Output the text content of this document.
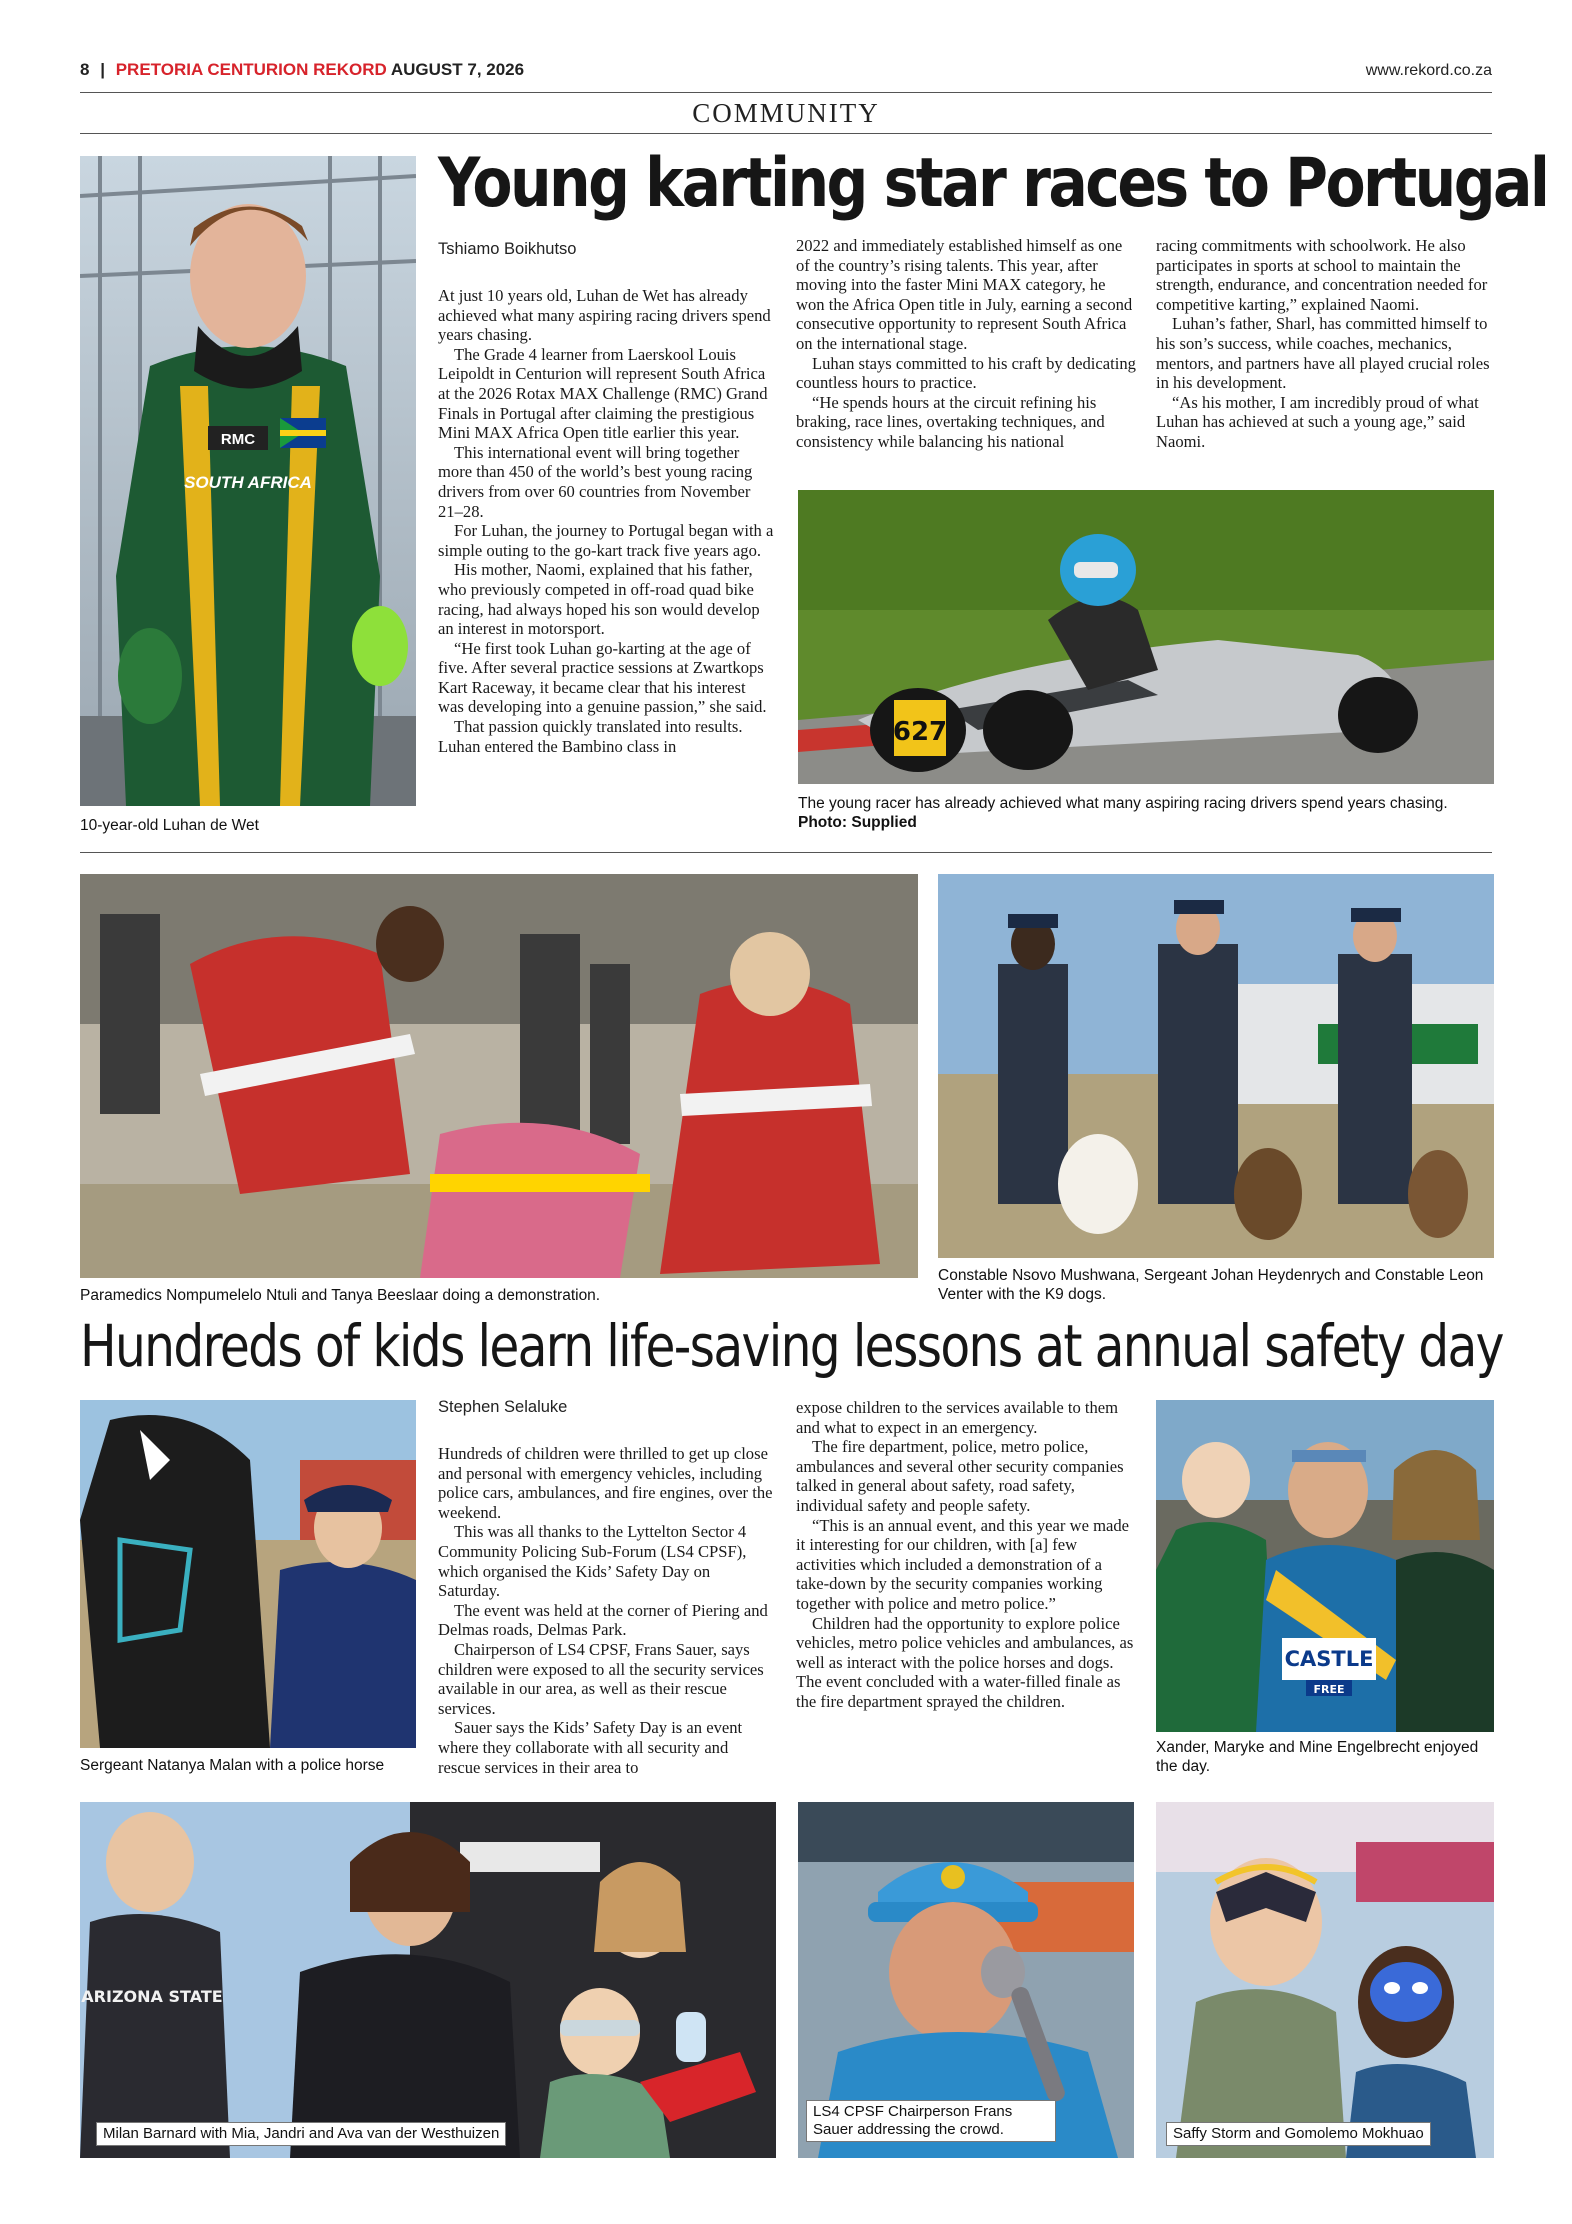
8 | PRETORIA CENTURION REKORD AUGUST 7, 2026	www.rekord.co.za
COMMUNITY
RMC
SOUTH AFRICA
10-year-old Luhan de Wet
Young karting star races to Portugal
Tshiamo Boikhutso

At just 10 years old, Luhan de Wet has already achieved what many aspiring racing drivers spend years chasing.

The Grade 4 learner from Laerskool Louis Leipoldt in Centurion will represent South Africa at the 2026 Rotax MAX Challenge (RMC) Grand Finals in Portugal after claiming the prestigious Mini MAX Africa Open title earlier this year.

This international event will bring together more than 450 of the world’s best young racing drivers from over 60 countries from November 21–28.

For Luhan, the journey to Portugal began with a simple outing to the go-kart track five years ago.

His mother, Naomi, explained that his father, who previously competed in off-road quad bike racing, had always hoped his son would develop an interest in motorsport.

“He first took Luhan go-karting at the age of five. After several practice sessions at Zwartkops Kart Raceway, it became clear that his interest was developing into a genuine passion,” she said.

That passion quickly translated into results. Luhan entered the Bambino class in

2022 and immediately established himself as one of the country’s rising talents. This year, after moving into the faster Mini MAX category, he won the Africa Open title in July, earning a second consecutive opportunity to represent South Africa on the international stage.

Luhan stays committed to his craft by dedicating countless hours to practice.

“He spends hours at the circuit refining his braking, race lines, overtaking techniques, and consistency while balancing his national

racing commitments with schoolwork. He also participates in sports at school to maintain the strength, endurance, and concentration needed for competitive karting,” explained Naomi.

Luhan’s father, Sharl, has committed himself to his son’s success, while coaches, mechanics, mentors, and partners have all played crucial roles in his development.

“As his mother, I am incredibly proud of what Luhan has achieved at such a young age,” said Naomi.

627
The young racer has already achieved what many aspiring racing drivers spend years chasing. Photo: Supplied
Paramedics Nompumelelo Ntuli and Tanya Beeslaar doing a demonstration.
Constable Nsovo Mushwana, Sergeant Johan Heydenrych and Constable Leon Venter with the K9 dogs.
Hundreds of kids learn life-saving lessons at annual safety day
Sergeant Natanya Malan with a police horse
Stephen Selaluke

Hundreds of children were thrilled to get up close and personal with emergency vehicles, including police cars, ambulances, and fire engines, over the weekend.

This was all thanks to the Lyttelton Sector 4 Community Policing Sub-Forum (LS4 CPSF), which organised the Kids’ Safety Day on Saturday.

The event was held at the corner of Piering and Delmas roads, Delmas Park.

Chairperson of LS4 CPSF, Frans Sauer, says children were exposed to all the security services available in our area, as well as their rescue services.

Sauer says the Kids’ Safety Day is an event where they collaborate with all security and rescue services in their area to

expose children to the services available to them and what to expect in an emergency.

The fire department, police, metro police, ambulances and several other security companies talked in general about safety, road safety, individual safety and people safety.

“This is an annual event, and this year we made it interesting for our children, with [a] few activities which included a demonstration of a take-down by the security companies working together with police and metro police.”

Children had the opportunity to explore police vehicles, metro police vehicles and ambulances, as well as interact with the police horses and dogs. The event concluded with a water-filled finale as the fire department sprayed the children.

CASTLE
FREE
Xander, Maryke and Mine Engelbrecht enjoyed the day.
ARIZONA STATE
Milan Barnard with Mia, Jandri and Ava van der Westhuizen
LS4 CPSF Chairperson Frans Sauer addressing the crowd.	Saffy Storm and Gomolemo Mokhuao
